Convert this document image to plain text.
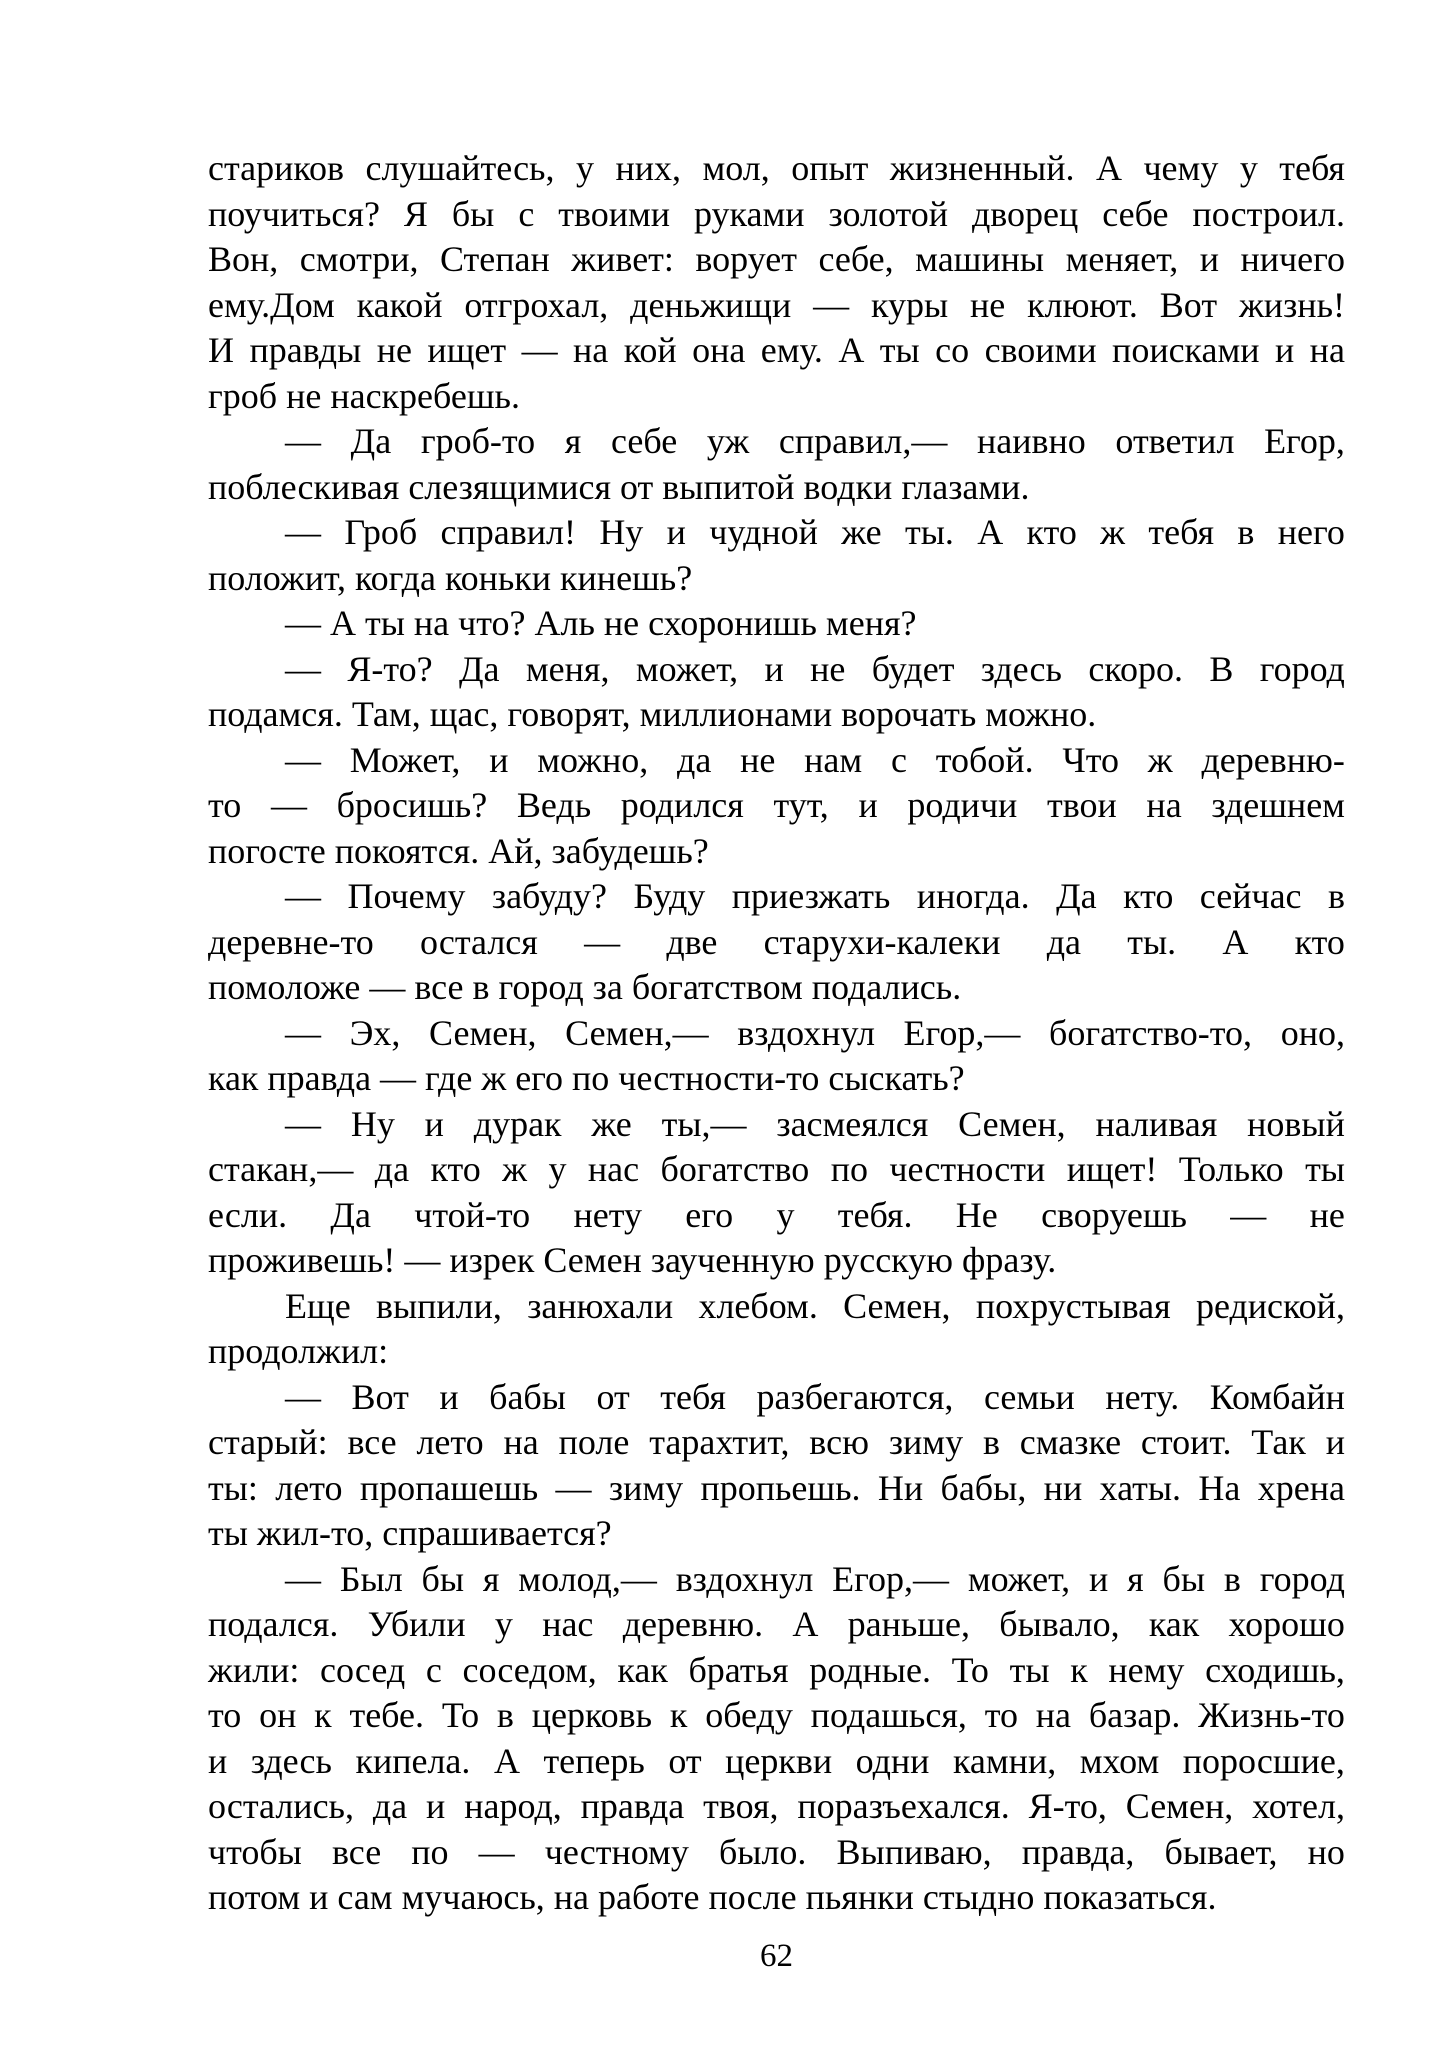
стариков слушайтесь, у них, мол, опыт жизненный. А чему у тебя
поучиться? Я бы с твоими руками золотой дворец себе построил.
Вон, смотри, Степан живет: ворует себе, машины меняет, и ничего
ему.Дом какой отгрохал, деньжищи — куры не клюют. Вот жизнь!
И правды не ищет — на кой она ему. А ты со своими поисками и на
гроб не наскребешь.
— Да гроб-то я себе уж справил,— наивно ответил Егор,
поблескивая слезящимися от выпитой водки глазами.
— Гроб справил! Ну и чудной же ты. А кто ж тебя в него
положит, когда коньки кинешь?
— А ты на что? Аль не схоронишь меня?
— Я-то? Да меня, может, и не будет здесь скоро. В город
подамся. Там, щас, говорят, миллионами ворочать можно.
— Может, и можно, да не нам с тобой. Что ж деревню-
то — бросишь? Ведь родился тут, и родичи твои на здешнем
погосте покоятся. Ай, забудешь?
— Почему забуду? Буду приезжать иногда. Да кто сейчас в
деревне-то остался — две старухи-калеки да ты. А кто
помоложе — все в город за богатством подались.
— Эх, Семен, Семен,— вздохнул Егор,— богатство-то, оно,
как правда — где ж его по честности-то сыскать?
— Ну и дурак же ты,— засмеялся Семен, наливая новый
стакан,— да кто ж у нас богатство по честности ищет! Только ты
если. Да чтой-то нету его у тебя. Не своруешь — не
проживешь! — изрек Семен заученную русскую фразу.
Еще выпили, занюхали хлебом. Семен, похрустывая редиской,
продолжил:
— Вот и бабы от тебя разбегаются, семьи нету. Комбайн
старый: все лето на поле тарахтит, всю зиму в смазке стоит. Так и
ты: лето пропашешь — зиму пропьешь. Ни бабы, ни хаты. На хрена
ты жил-то, спрашивается?
— Был бы я молод,— вздохнул Егор,— может, и я бы в город
подался. Убили у нас деревню. А раньше, бывало, как хорошо
жили: сосед с соседом, как братья родные. То ты к нему сходишь,
то он к тебе. То в церковь к обеду подашься, то на базар. Жизнь-то
и здесь кипела. А теперь от церкви одни камни, мхом поросшие,
остались, да и народ, правда твоя, поразъехался. Я-то, Семен, хотел,
чтобы все по — честному было. Выпиваю, правда, бывает, но
потом и сам мучаюсь, на работе после пьянки стыдно показаться.
62
